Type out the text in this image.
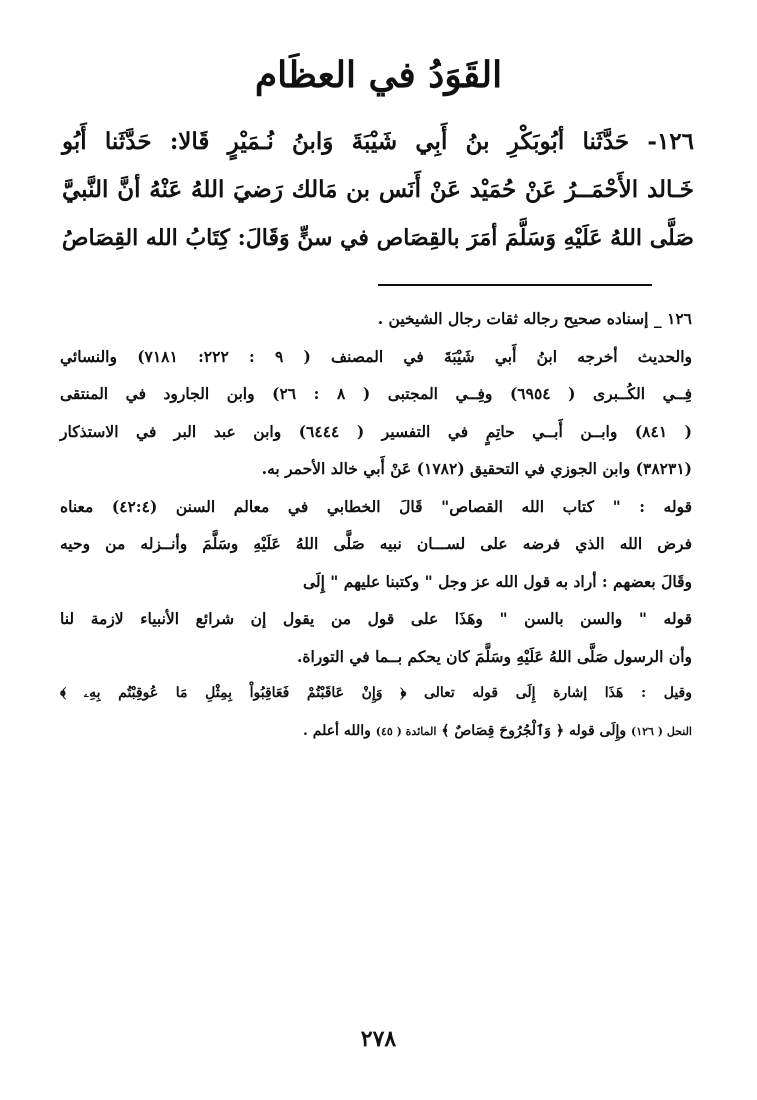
القَوَدُ في العظَام
١٢٦- حَدَّثَنا أبُوبَكْرِ بنُ أَبِي شَيْبَةَ وَابنُ نُـمَيْرٍ قَالا: حَدَّثَنا أَبُو
خَـالد الأَحْمَــرُ عَنْ حُمَيْد عَنْ أَنَس بن مَالك رَضيَ اللهُ عَنْهُ أنَّ النَّبيَّ
صَلَّى اللهُ عَلَيْهِ وَسَلَّمَ أمَرَ بالقِصَاص في سنٍّ وَقَالَ: كِتَابُ الله القِصَاصُ
١٢٦ _ إسناده صحيح رجاله ثقات رجال الشيخين .
والحديث أخرجه ابنُ أَبي شَيْبَةَ في المصنف ( ٩ : ٢٢٢: ٧١٨١) والنسائي
فِــي الكُــبرى ( ٦٩٥٤) وفِــي المجتبى ( ٨ : ٢٦) وابن الجارود في المنتقى
( ٨٤١) وابــن أَبــي حاتِمٍ في التفسير ( ٦٤٤٤) وابن عبد البر في الاستذكار
(٣٨٢٣١) وابن الجوزي في التحقيق (١٧٨٢) عَنْ أَبي خالد الأحمر به.
قوله : " كتاب الله القصاص" قَالَ الخطابي في معالم السنن (٤٢:٤) معناه
فرض الله الذي فرضه على لســـان نبيه صَلَّى اللهُ عَلَيْهِ وسَلَّمَ وأنــزله من وحيه
وقَالَ بعضهم : أراد به قول الله عز وجل " وكتبنا عليهم " إِلَى
قوله " والسن بالسن " وهَذَا على قول من يقول إن شرائع الأنبياء لازمة لنا
وأن الرسول صَلَّى اللهُ عَلَيْهِ وسَلَّمَ كان يحكم بــما في التوراة.
وقيل : هَذَا إشارة إِلَى قوله تعالى ﴿ وَإِنْ عَاقَبْتُمْ فَعَاقِبُواْ بِمِثْلِ مَا عُوقِبْتُم بِهِۦ ﴾
النحل ( ١٢٦) وإِلَى قوله ﴿ وَٱلْجُرُوحَ قِصَاصٌ ﴾ المائدة ( ٤٥) والله أعلم .
٢٧٨
